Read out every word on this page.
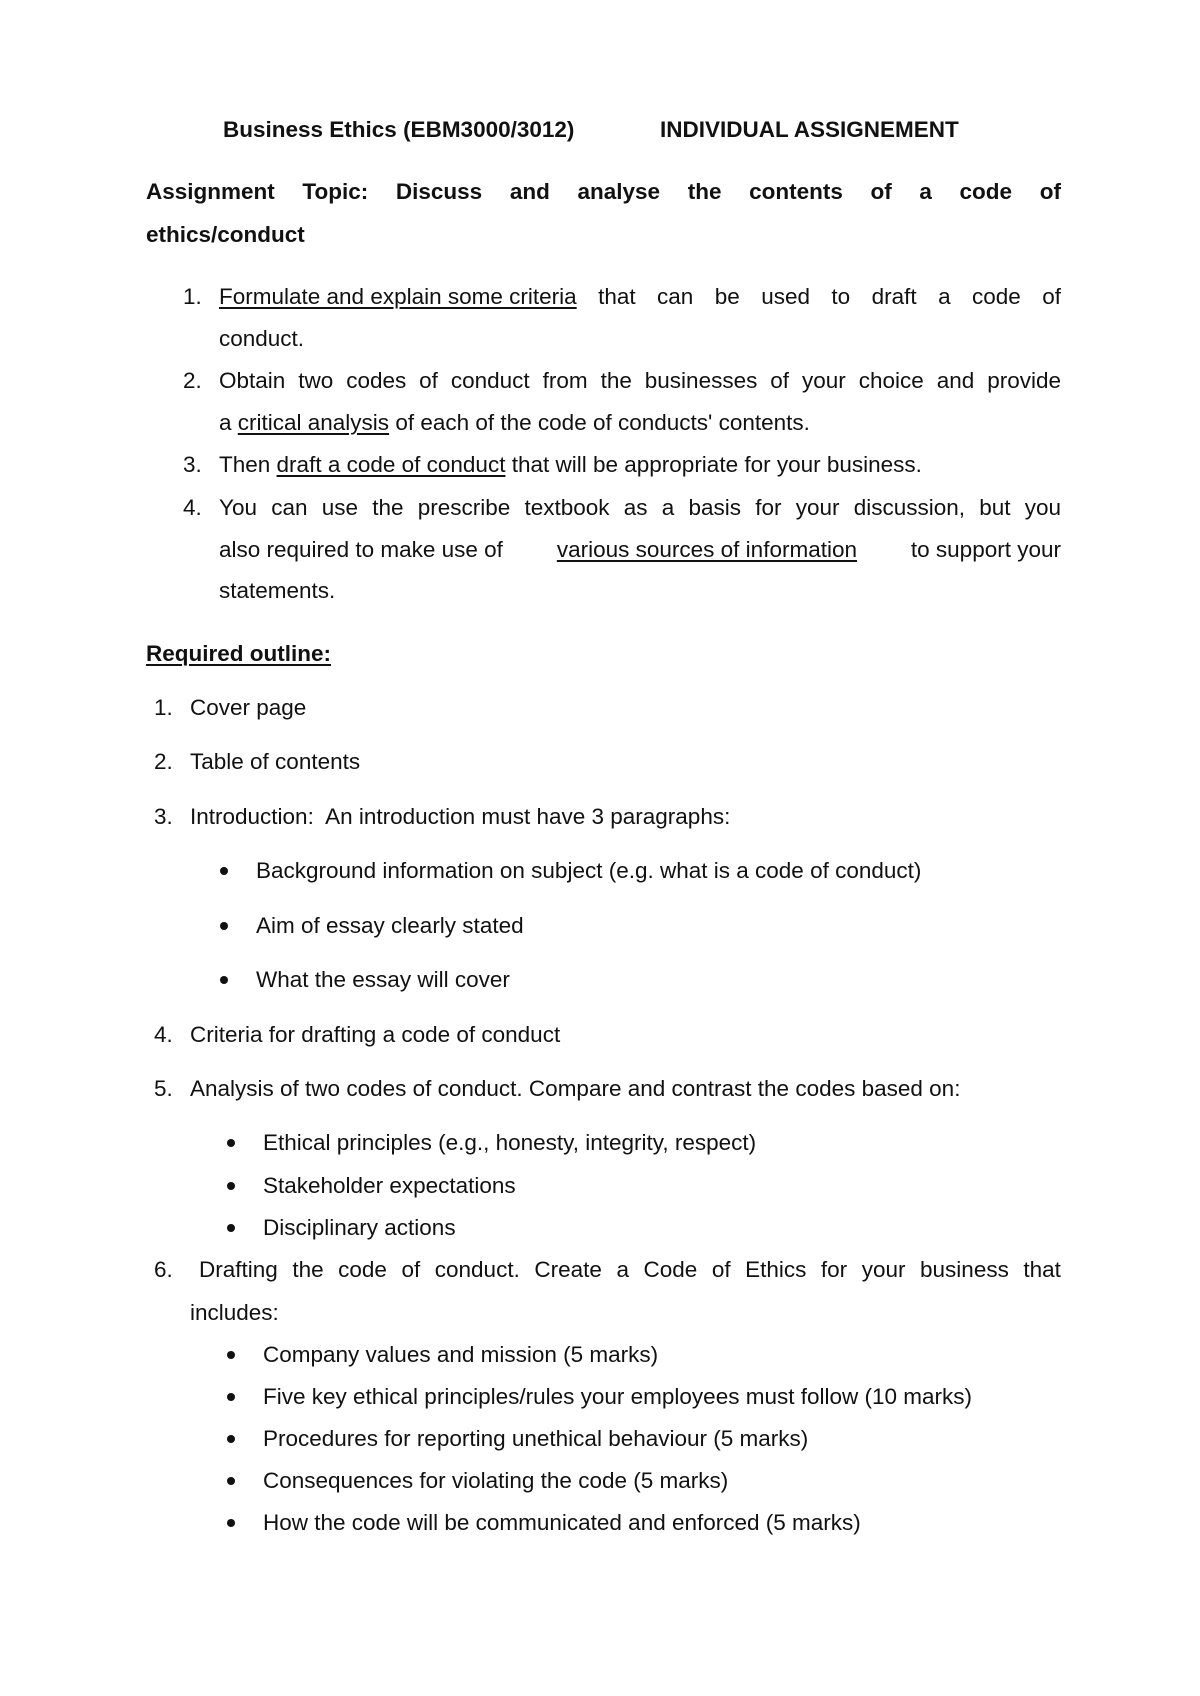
Business Ethics (EBM3000/3012)	INDIVIDUAL ASSIGNEMENT
Assignment Topic: Discuss and analyse the contents of a code of
ethics/conduct
1. Formulate and explain some criteria that can be used to draft a code of
conduct.
2. Obtain two codes of conduct from the businesses of your choice and provide
a critical analysis of each of the code of conducts' contents.
3. Then draft a code of conduct that will be appropriate for your business.
4. You can use the prescribe textbook as a basis for your discussion, but you
also required to make use of various sources of information to support your
statements.
Required outline:
1. Cover page
2. Table of contents
3. Introduction:  An introduction must have 3 paragraphs:
Background information on subject (e.g. what is a code of conduct)
Aim of essay clearly stated
What the essay will cover
4. Criteria for drafting a code of conduct
5. Analysis of two codes of conduct. Compare and contrast the codes based on:
Ethical principles (e.g., honesty, integrity, respect)
Stakeholder expectations
Disciplinary actions
6. Drafting the code of conduct. Create a Code of Ethics for your business that
includes:
Company values and mission (5 marks)
Five key ethical principles/rules your employees must follow (10 marks)
Procedures for reporting unethical behaviour (5 marks)
Consequences for violating the code (5 marks)
How the code will be communicated and enforced (5 marks)
